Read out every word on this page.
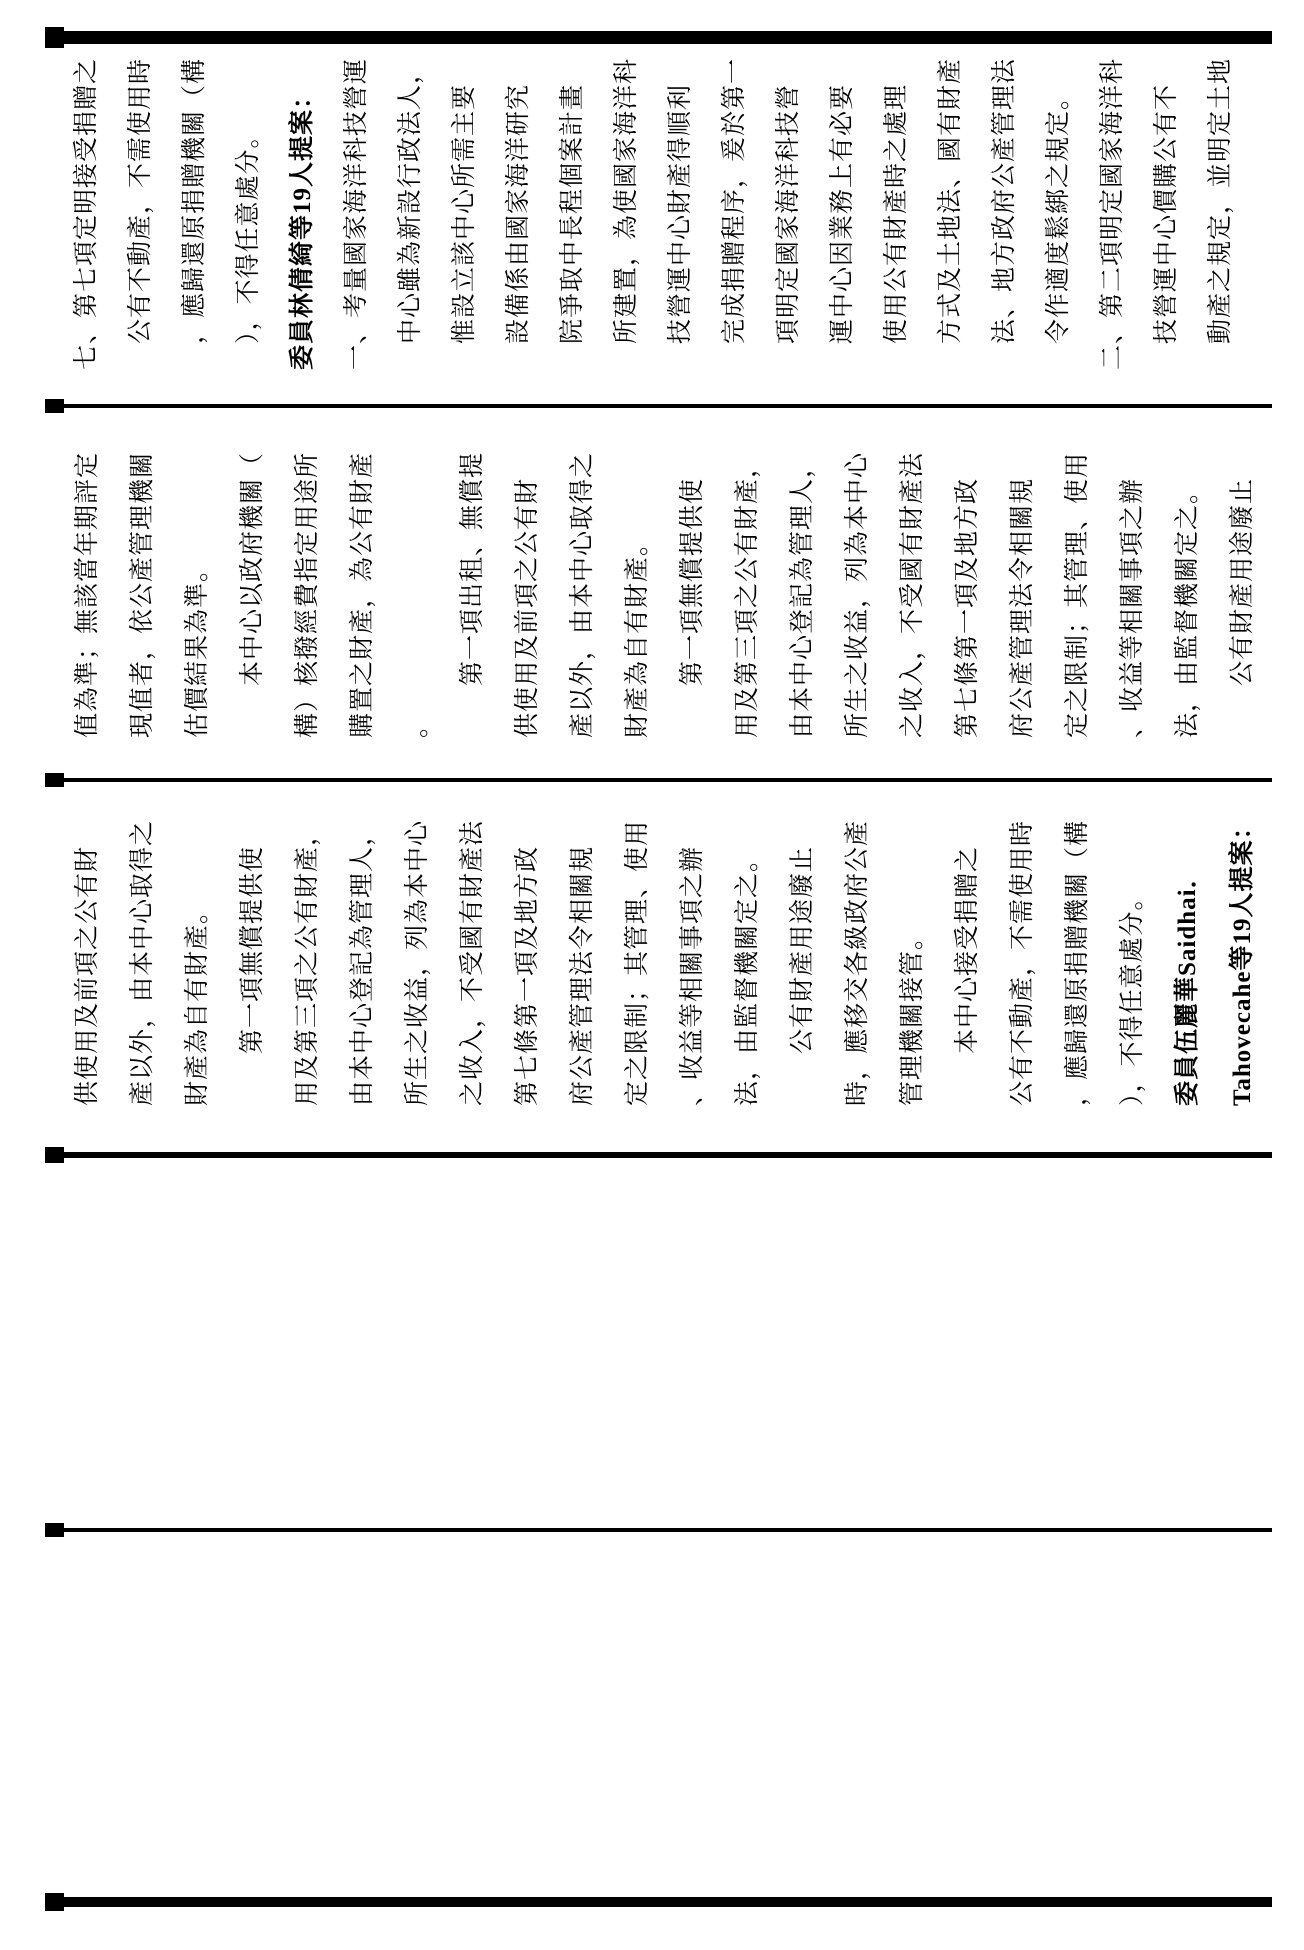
七、第七項定明接受捐贈之	公有不動產，不需使用時	，應歸還原捐贈機關（構	），不得任意處分。	委員林倩綺等19人提案：	一、考量國家海洋科技營運	中心雖為新設行政法人，	惟設立該中心所需主要	設備係由國家海洋研究	院爭取中長程個案計畫	所建置，為使國家海洋科	技營運中心財產得順利	完成捐贈程序，爰於第一	項明定國家海洋科技營	運中心因業務上有必要	使用公有財產時之處理	方式及土地法、國有財產	法、地方政府公產管理法	令作適度鬆綁之規定。	二、第二項明定國家海洋科	技營運中心價購公有不	動產之規定，並明定土地
值為準；無該當年期評定	現值者，依公產管理機關	估價結果為準。	本中心以政府機關（	構）核撥經費指定用途所	購置之財產，為公有財產	。
第一項出租、無償提	供使用及前項之公有財	產以外，由本中心取得之	財產為自有財產。	第一項無償提供使	用及第三項之公有財產，	由本中心登記為管理人，	所生之收益，列為本中心	之收入，不受國有財產法	第七條第一項及地方政	府公產管理法令相關規	定之限制；其管理、使用	、收益等相關事項之辦	法，由監督機關定之。	公有財產用途廢止
供使用及前項之公有財	產以外，由本中心取得之	財產為自有財產。	第一項無償提供使	用及第三項之公有財產，	由本中心登記為管理人，	所生之收益，列為本中心	之收入，不受國有財產法	第七條第一項及地方政	府公產管理法令相關規	定之限制；其管理、使用	、收益等相關事項之辦	法，由監督機關定之。	公有財產用途廢止	時，應移交各級政府公產	管理機關接管。	本中心接受捐贈之	公有不動產，不需使用時	，應歸還原捐贈機關（構	），不得任意處分。	委員伍麗華Saidhai．	Tahovecahe等19人提案：
